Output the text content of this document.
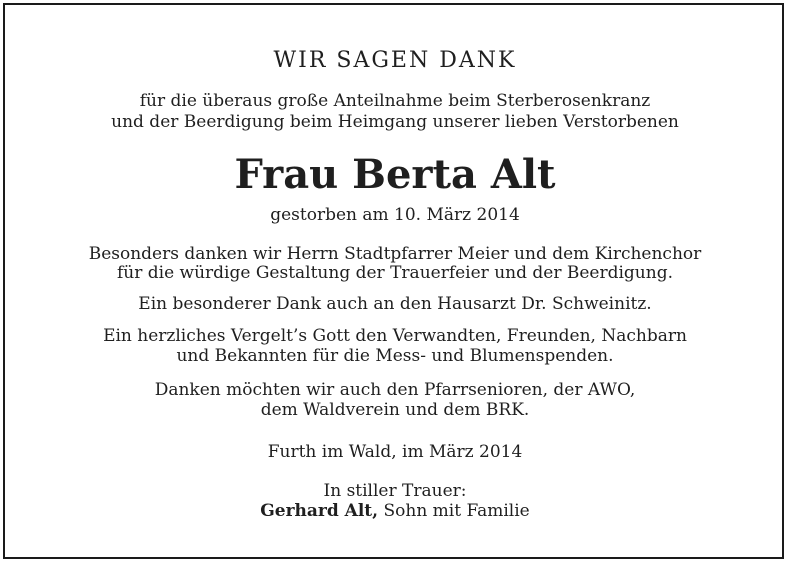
WIR SAGEN DANK
für die überaus große Anteilnahme beim Sterberosenkranz
und der Beerdigung beim Heimgang unserer lieben Verstorbenen
Frau Berta Alt
gestorben am 10. März 2014
Besonders danken wir Herrn Stadtpfarrer Meier und dem Kirchenchor
für die würdige Gestaltung der Trauerfeier und der Beerdigung.
Ein besonderer Dank auch an den Hausarzt Dr. Schweinitz.
Ein herzliches Vergelt’s Gott den Verwandten, Freunden, Nachbarn
und Bekannten für die Mess- und Blumenspenden.
Danken möchten wir auch den Pfarrsenioren, der AWO,
dem Waldverein und dem BRK.
Furth im Wald, im März 2014
In stiller Trauer:
Gerhard Alt, Sohn mit Familie
